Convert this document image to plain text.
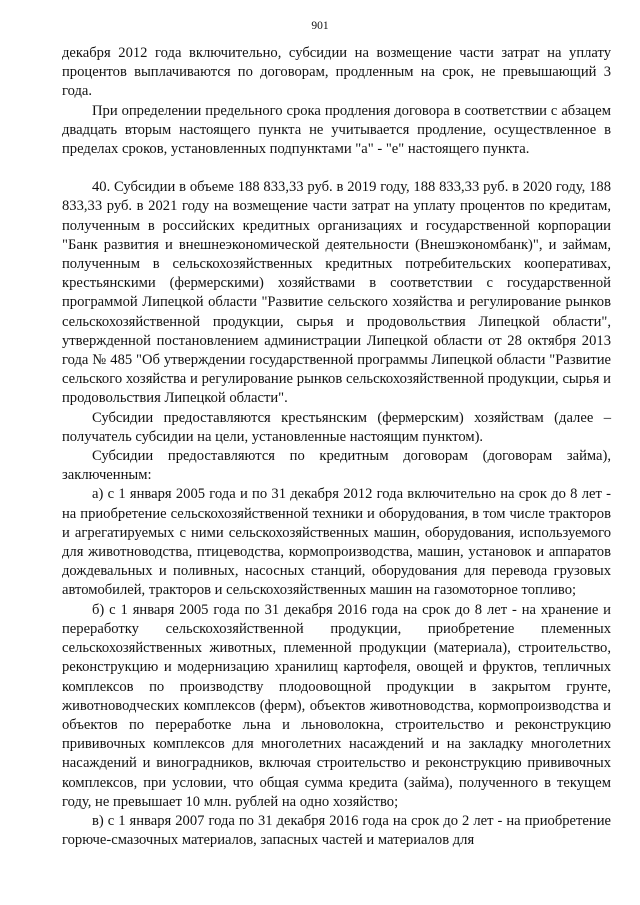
901

декабря 2012 года включительно, субсидии на возмещение части затрат на уплату процентов выплачиваются по договорам, продленным на срок, не превышающий 3 года.

При определении предельного срока продления договора в соответствии с абзацем двадцать вторым настоящего пункта не учитывается продление, осуществленное в пределах сроков, установленных подпунктами "а" - "е" настоящего пункта.

40. Субсидии в объеме 188 833,33 руб. в 2019 году, 188 833,33 руб. в 2020 году, 188 833,33 руб. в 2021 году на возмещение части затрат на уплату процентов по кредитам, полученным в российских кредитных организациях и государственной корпорации "Банк развития и внешнеэкономической деятельности (Внешэкономбанк)", и займам, полученным в сельскохозяйственных кредитных потребительских кооперативах, крестьянскими (фермерскими) хозяйствами в соответствии с государственной программой Липецкой области "Развитие сельского хозяйства и регулирование рынков сельскохозяйственной продукции, сырья и продовольствия Липецкой области", утвержденной постановлением администрации Липецкой области от 28 октября 2013 года № 485 "Об утверждении государственной программы Липецкой области "Развитие сельского хозяйства и регулирование рынков сельскохозяйственной продукции, сырья и продовольствия Липецкой области".

Субсидии предоставляются крестьянским (фермерским) хозяйствам (далее – получатель субсидии на цели, установленные настоящим пунктом).

Субсидии предоставляются по кредитным договорам (договорам займа), заключенным:

а) с 1 января 2005 года и по 31 декабря 2012 года включительно на срок до 8 лет - на приобретение сельскохозяйственной техники и оборудования, в том числе тракторов и агрегатируемых с ними сельскохозяйственных машин, оборудования, используемого для животноводства, птицеводства, кормопроизводства, машин, установок и аппаратов дождевальных и поливных, насосных станций, оборудования для перевода грузовых автомобилей, тракторов и сельскохозяйственных машин на газомоторное топливо;

б) с 1 января 2005 года по 31 декабря 2016 года на срок до 8 лет - на хранение и переработку сельскохозяйственной продукции, приобретение племенных сельскохозяйственных животных, племенной продукции (материала), строительство, реконструкцию и модернизацию хранилищ картофеля, овощей и фруктов, тепличных комплексов по производству плодоовощной продукции в закрытом грунте, животноводческих комплексов (ферм), объектов животноводства, кормопроизводства и объектов по переработке льна и льноволокна, строительство и реконструкцию прививочных комплексов для многолетних насаждений и на закладку многолетних насаждений и виноградников, включая строительство и реконструкцию прививочных комплексов, при условии, что общая сумма кредита (займа), полученного в текущем году, не превышает 10 млн. рублей на одно хозяйство;

в) с 1 января 2007 года по 31 декабря 2016 года на срок до 2 лет - на приобретение горюче-смазочных материалов, запасных частей и материалов для
